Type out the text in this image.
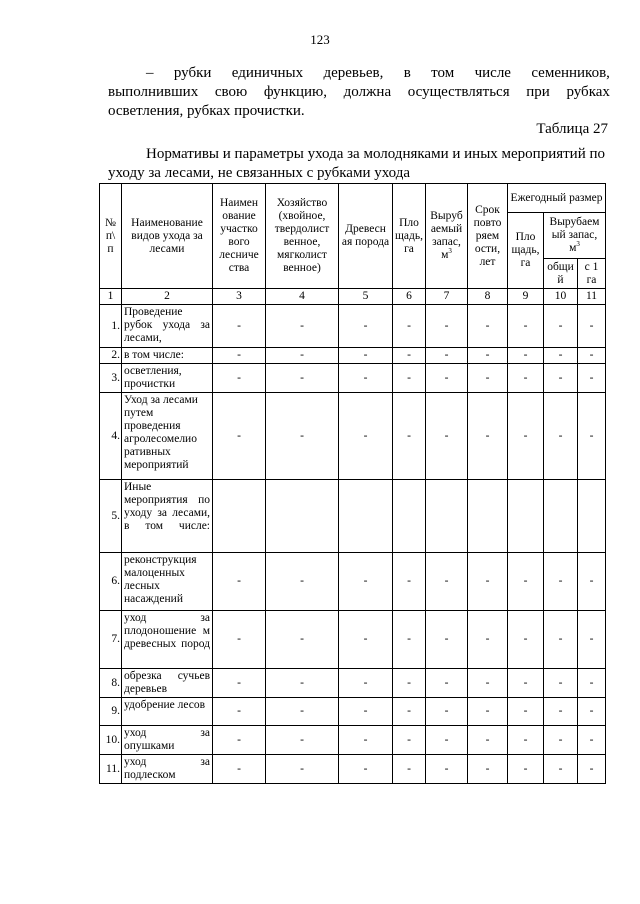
123
– рубки единичных деревьев, в том числе семенников,
выполнивших свою функцию, должна осуществляться при рубках
осветления, рубках прочистки.
Таблица 27
Нормативы и параметры ухода за молодняками и иных мероприятий по
уходу за лесами, не связанных с рубками ухода
№ п\ п	Наименование видов ухода за лесами	Наимен ование участко вого лесниче ства	Хозяйство (хвойное, твердолист венное, мягколист венное)	Древесн ая порода	Пло щадь, га	Выруб аемый запас, $м^3$	Срок повто ряем ости, лет	Ежегодный размер		
								Пло щадь, га	Вырубаем ый запас, $м^3$
									общи й	с 1 га
1	2	3	4	5	6	7	8	9	10	11
1.	Проведение рубок ухода за лесами,	-	-	-	-	-	-	-	-	-
2.	в том числе:	-	-	-	-	-	-	-	-	-
3.	осветления, прочистки	-	-	-	-	-	-	-	-	-
4.	Уход за лесами путем проведения агролесомелио ративных мероприятий	-	-	-	-	-	-	-	-	-
5.	Иные мероприятия по уходу за лесами, в том числе:									
6.	реконструкция малоценных лесных насаждений	-	-	-	-	-	-	-	-	-
7.	уход за плодоношение м древесных пород	-	-	-	-	-	-	-	-	-
8.	обрезка сучьев деревьев	-	-	-	-	-	-	-	-	-
9.	удобрение лесов	-	-	-	-	-	-	-	-	-
10.	уход за опушками	-	-	-	-	-	-	-	-	-
11.	уход за подлеском	-	-	-	-	-	-	-	-	-
